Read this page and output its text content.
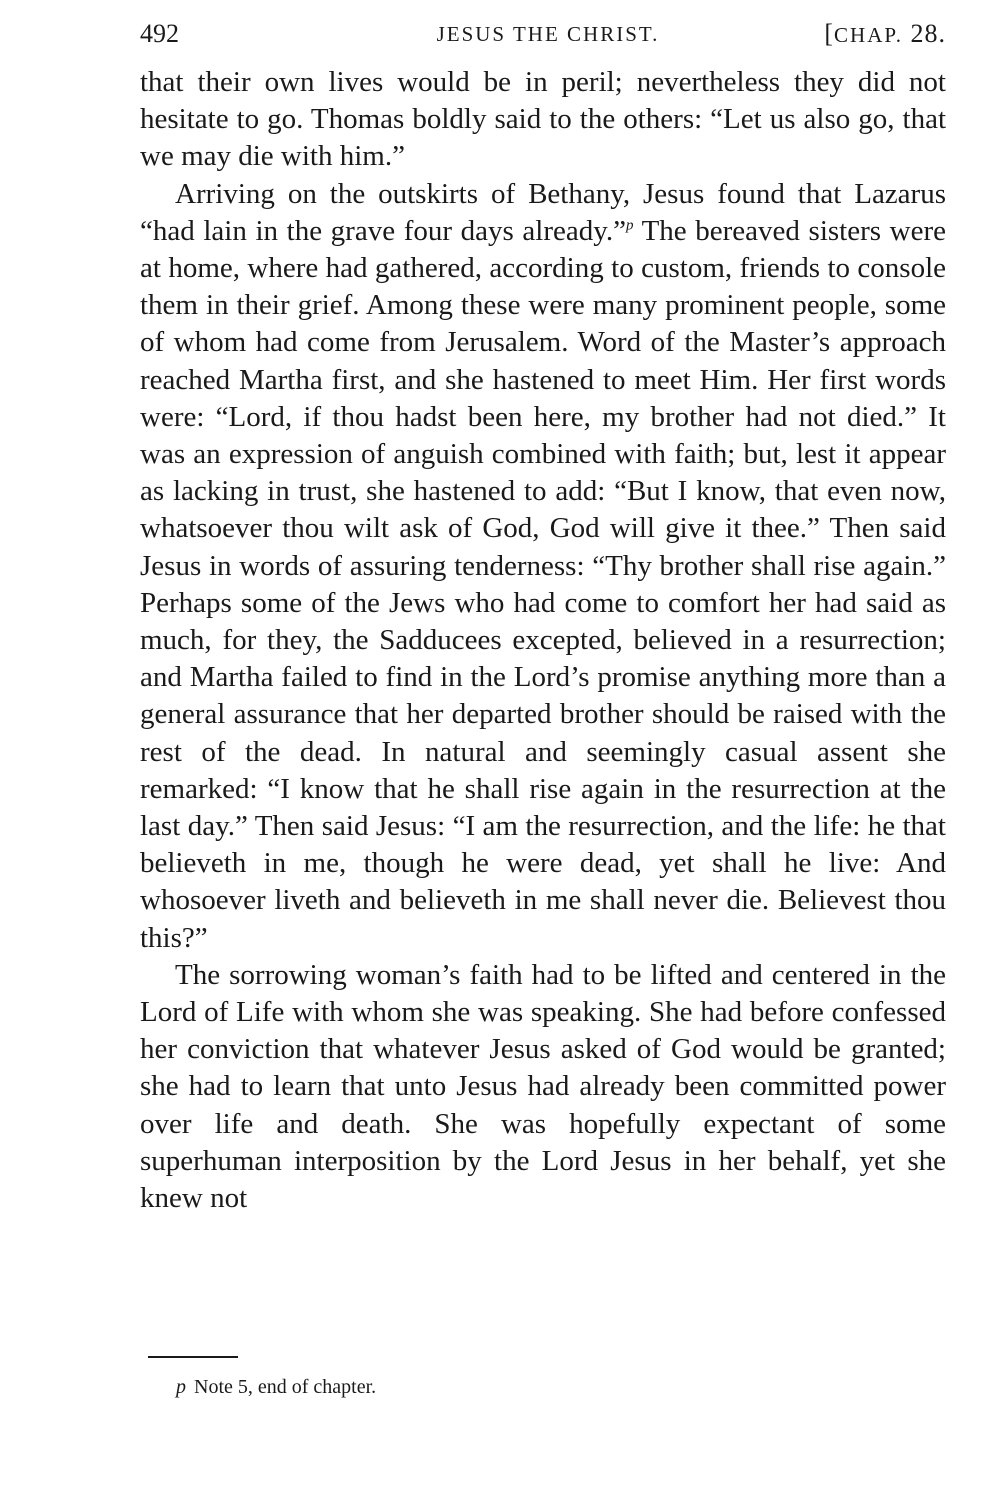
492	JESUS THE CHRIST.	[CHAP. 28.

that their own lives would be in peril; nevertheless they did not hesitate to go. Thomas boldly said to the others: “Let us also go, that we may die with him.”

Arriving on the outskirts of Bethany, Jesus found that Lazarus “had lain in the grave four days already.”$^p$ The bereaved sisters were at home, where had gathered, according to custom, friends to console them in their grief. Among these were many prominent people, some of whom had come from Jerusalem. Word of the Master’s approach reached Martha first, and she hastened to meet Him. Her first words were: “Lord, if thou hadst been here, my brother had not died.” It was an expression of anguish combined with faith; but, lest it appear as lacking in trust, she hastened to add: “But I know, that even now, whatsoever thou wilt ask of God, God will give it thee.” Then said Jesus in words of assuring tenderness: “Thy brother shall rise again.” Perhaps some of the Jews who had come to comfort her had said as much, for they, the Sadducees excepted, believed in a resurrection; and Martha failed to find in the Lord’s promise anything more than a general assurance that her departed brother should be raised with the rest of the dead. In natural and seemingly casual assent she remarked: “I know that he shall rise again in the resurrection at the last day.” Then said Jesus: “I am the resurrection, and the life: he that believeth in me, though he were dead, yet shall he live: And whosoever liveth and believeth in me shall never die. Believest thou this?”

The sorrowing woman’s faith had to be lifted and centered in the Lord of Life with whom she was speaking. She had before confessed her conviction that whatever Jesus asked of God would be granted; she had to learn that unto Jesus had already been committed power over life and death. She was hopefully expectant of some superhuman interposition by the Lord Jesus in her behalf, yet she knew not

p Note 5, end of chapter.
